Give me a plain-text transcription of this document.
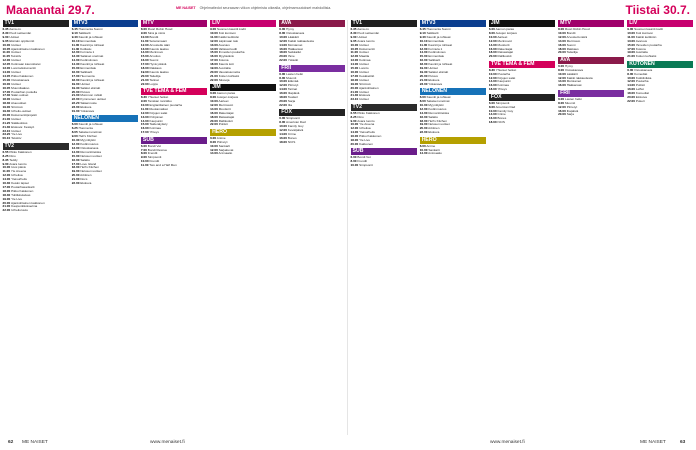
Maanantai 29.7.	ME NAISET Ohjelmatiedot seuraavan viikon ohjelmista oikealla, ohjelmamuutokset mahdollisia.	Tiistai 30.7.
TV1
6.35 Aamu-tv.
8.30 Puoli seitsemän
9.00 Uutiset
9.05 Elämän oppitunnit
10.00 Uutiset
10.05 Ajankohtainen kakkonen
11.00 Uutiset
11.05 Tekstitv
12.00 Uutiset
12.05 Kotimaan kaunottaret
13.00 Luontodokumentti
14.00 Uutiset
14.05 Pikku Kakkonen
15.00 Ostoskanava
16.00 Uutiset
16.05 Muumilaakso
17.00 Puutarhan puolella
17.30 Sään uutiset
18.00 Uutiset
18.30 Alueuutiset
19.00 Strömsö
19.30 Urheilu-uutiset
20.00 Dokumenttiprojekti
21.00 Uutiset
21.20 Säätiedotus
21.30 Elokuva: Kesäyö
23.10 Uutiset
23.20 Yle Live
00.10 Tekstitv
TV2
6.55 Pikku Kakkonen
8.25 Dino
8.35 Teddy
9.00 Avara luonto
10.00 Uusi päivä
11.00 Yle Areena
12.00 Urheilua
14.00 Yleisurheilu
16.30 Kesän lapset
17.00 Puutarhasankarit
18.00 Pikku Kakkonen
18.30 Tulitikkutaivas
19.00 Yle Live
20.00 Ajankohtainen kakkonen
21.00 Kaupunkikokoelma
22.00 Urheiluruutu
MTV3
6.45 Huomenta Suomi
9.10 Salkkarit
9.40 Kauniit ja rohkeat
10.10 Emmerdale
11.00 Kauniit ja rohkeat
11.30 Kotikatu
12.00 Formula 1
13.30 Salaiset unelmat
14.00 Kodinsiivous
14.30 Kauniit ja rohkeat
15.00 Emmerdale
16.00 Salkkarit
17.00 Huomenta
18.00 Kauniit ja rohkeat
19.00 Uutiset
19.30 Salatut elämät
20.00 Putous
21.00 Mummon mökki
22.00 Kymmenen uutiset
22.20 Sääennuste
23.00 Elokuva
01.00 Yökanava
NELONEN
6.00 Kauniit ja rohkeat
6.25 Huomenta
8.05 Salaiset unelmat
9.00 Hell's Kitchen
10.30 Myyntitykki
12.00 Kodinmuutos
13.00 Ostoskanava
14.00 Remonttireiska
15.00 Nelosen uutiset
16.00 Salattu
17.00 Love Island
18.00 Hell's Kitchen
19.00 Nelosen uutiset
20.00 Arktinen
21.00 Docs
22.00 Elokuva
MTV
8.00 Ruori Robin Hood
9.00 Sinä ja minä
10.00 Bondit
11.00 Sotaromaani
12.00 Arvostettu ääni
13.00 Kaunis laakso
14.00 Merirosvo
15.00 Arvoitus
16.00 Suomi
17.00 Hyvä ystävä
18.00 Rakkaus
19.00 Kaunis laakso
20.00 Taiteilija
21.00 Tarinat
22.00 Loppu
TVE TEMA & FEM
8.30 Yhteiset hetket
9.00 Tanskan rannikko
10.00 Englantilainen puutarha
11.00 Ruokamatkat
12.00 Kirjojen salat
13.00 Pohjoinen
14.00 Kaupunki
15.00 Taidenäyttely
16.00 Kotimaa
17.00 Yhteys
SUB
6.00 Bondi Vet
7.00 Bondi Rescue
8.00 Frendit
9.00 Simpsonit
10.00 Frendit
11.00 Two and a Half Men
LIV
9.00 Suomen kauniit kodit
10.00 Koti kuntoon
11.00 Kaikki keittiöön
12.00 Läpimaan talo
13.00 Avaruus
14.00 Valtavat kodit
15.00 Ihmeiden puutarha
16.00 Myytävänä
17.00 Kotona
18.00 Kaunis koti
19.00 Australia
20.00 Vauvakuumetta
21.00 Kotien kohtalot
22.00 Siivooja
JIM
6.00 Aamun paras
8.00 Autojen korjaus
10.00 Aarteet
12.00 Merirosvot
14.00 Moottorit
16.00 Rakentajat
18.00 Ratsastajat
20.00 Rallikuskit
22.00 Poliisit
HERO
6.00 Anime
8.00 Piirretyt
10.00 Sankarit
12.00 Sarjakuvat
14.00 Animaatio
AVA
6.00 Hymy
8.00 Ostoskanava
10.00 Lääkärit
12.00 Kaikki rakkaudesta
14.00 Morsiamet
16.00 Hääkansat
18.00 Seikkailut
20.00 Ihme
22.00 Ystävät
FRII
6.00 Lasten hetki
8.00 Muumit
10.00 Elämää
12.00 Piirretyt
14.00 Tarinat
16.00 Iltapäivä
18.00 Teatteri
20.00 Sarja
22.00 Ilta
FOX
6.00 Simpsonit
8.00 American Dad
10.00 Family Guy
12.00 Kevätpäivä
14.00 Crime
16.00 Bones
18.00 NCIS
TV1
6.35 Aamu-tv.
8.30 Puoli seitsemän
9.00 Uutiset
9.05 Avara luonto
10.00 Uutiset
10.05 Dokumentti
11.00 Uutiset
12.00 Maatila
13.00 Kotimaa
14.00 Uutiset
15.00 Luonto
16.00 Uutiset
17.00 Kesäkeittiö
18.00 Uutiset
19.00 Strömsö
20.00 Ajankohtainen
21.00 Uutiset
21.30 Elokuva
23.10 Uutiset
TV2
6.55 Pikku Kakkonen
8.25 Dino
9.00 Avara luonto
10.00 Yle Areena
12.00 Urheilua
14.00 Yleisurheilu
16.00 Pikku Kakkonen
18.00 Yle Live
20.00 Kakkonen
SUB
6.00 Bondi Vet
8.00 Frendit
10.00 Simpsonit
MTV3
6.45 Huomenta Suomi
9.10 Salkkarit
9.40 Kauniit ja rohkeat
10.10 Emmerdale
11.00 Kauniit ja rohkeat
12.00 Formula 1
14.00 Kodinsiivous
15.00 Emmerdale
16.00 Salkkarit
18.00 Kauniit ja rohkeat
19.00 Uutiset
19.30 Salatut elämät
20.00 Putous
21.00 Elokuva
23.00 Yökanava
NELONEN
6.00 Kauniit ja rohkeat
8.00 Salaiset unelmat
10.00 Myyntitykki
12.00 Kodinmuutos
14.00 Remonttireiska
16.00 Salattu
18.00 Hell's Kitchen
19.00 Nelosen uutiset
20.00 Arktinen
22.00 Elokuva
HERO
6.00 Anime
10.00 Sankarit
14.00 Animaatio
JIM
6.00 Aamun paras
8.00 Autojen korjaus
10.00 Aarteet
12.00 Merirosvot
14.00 Moottorit
16.00 Rakentajat
18.00 Ratsastajat
20.00 Rallikuskit
TVE TEMA & FEM
8.30 Yhteiset hetket
10.00 Puutarha
12.00 Kirjojen salat
14.00 Kaupunki
16.00 Kotimaa
18.00 Yhteys
FOX
6.00 Simpsonit
8.00 American Dad
10.00 Family Guy
14.00 Crime
16.00 Bones
18.00 NCIS
MTV
8.00 Ruori Robin Hood
10.00 Bondit
12.00 Arvostettu ääni
14.00 Merirosvo
16.00 Suomi
18.00 Rakkaus
20.00 Taiteilija
AVA
6.00 Hymy
8.00 Ostoskanava
10.00 Lääkärit
12.00 Kaikki rakkaudesta
14.00 Morsiamet
16.00 Hääkansat
FRII
6.00 Lasten hetki
8.00 Muumit
12.00 Piirretyt
16.00 Iltapäivä
20.00 Sarja
LIV
9.00 Suomen kauniit kodit
10.00 Koti kuntoon
11.00 Kaikki keittiöön
13.00 Avaruus
15.00 Ihmeiden puutarha
17.00 Kotona
19.00 Australia
21.00 Kotien kohtalot
KUTONEN
6.00 Ostoskanava
8.00 Komediat
10.00 Kotiklinikka
12.00 Puutarha
14.00 Poliisit
16.00 Leffat
18.00 Komediat
20.00 Elokuva
22.00 Pokeri
62 ME NAISET	www.menaiset.fi	www.menaiset.fi	ME NAISET	63
